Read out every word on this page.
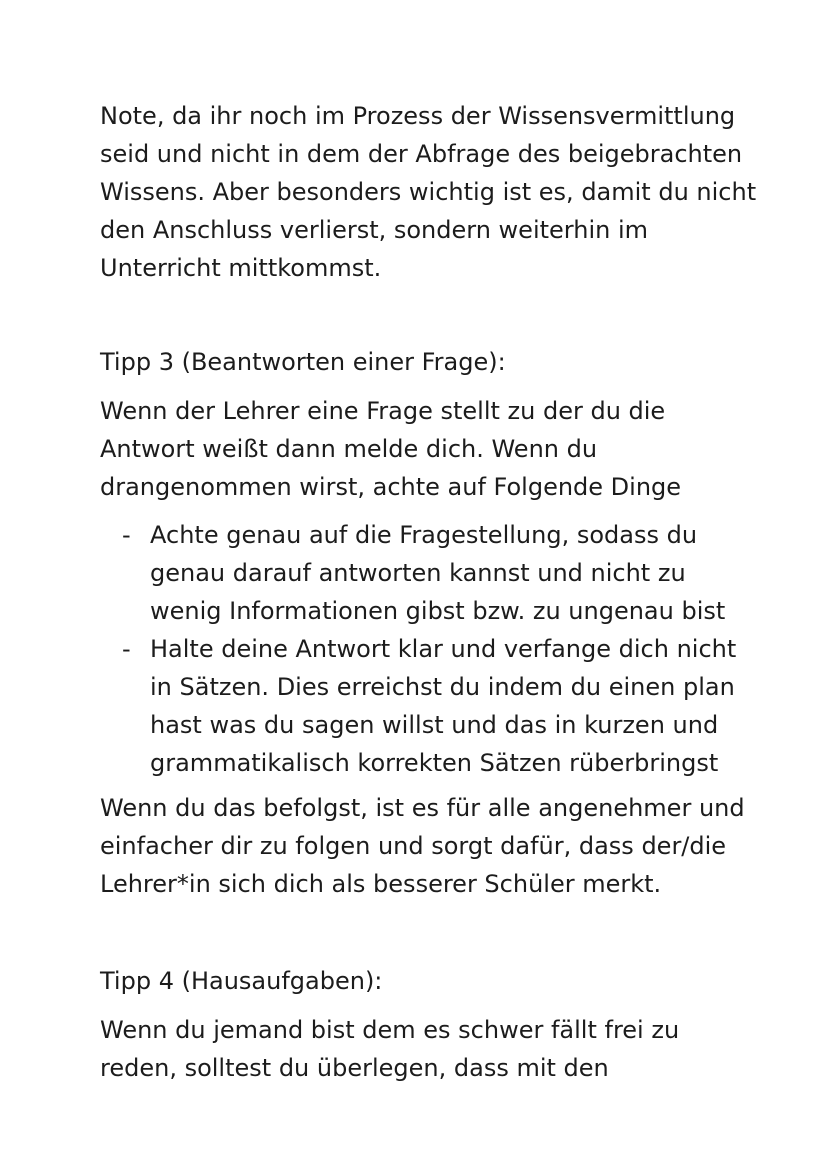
Note, da ihr noch im Prozess der Wissensvermittlung
seid und nicht in dem der Abfrage des beigebrachten
Wissens. Aber besonders wichtig ist es, damit du nicht
den Anschluss verlierst, sondern weiterhin im
Unterricht mittkommst.

Tipp 3 (Beantworten einer Frage):

Wenn der Lehrer eine Frage stellt zu der du die
Antwort weißt dann melde dich. Wenn du
drangenommen wirst, achte auf Folgende Dinge

- Achte genau auf die Fragestellung, sodass du
genau darauf antworten kannst und nicht zu
wenig Informationen gibst bzw. zu ungenau bist
- Halte deine Antwort klar und verfange dich nicht
in Sätzen. Dies erreichst du indem du einen plan
hast was du sagen willst und das in kurzen und
grammatikalisch korrekten Sätzen rüberbringst

Wenn du das befolgst, ist es für alle angenehmer und
einfacher dir zu folgen und sorgt dafür, dass der/die
Lehrer*in sich dich als besserer Schüler merkt.

Tipp 4 (Hausaufgaben):

Wenn du jemand bist dem es schwer fällt frei zu
reden, solltest du überlegen, dass mit den
